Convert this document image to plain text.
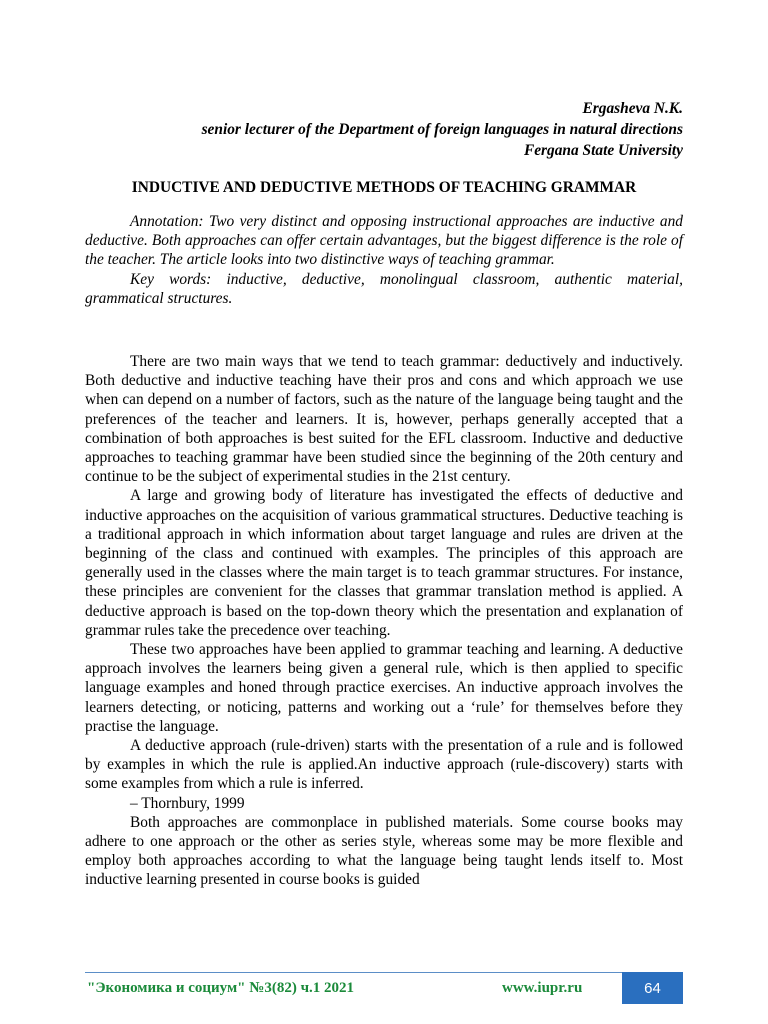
Ergasheva N.K.
senior lecturer of the Department of foreign languages in natural directions
Fergana State University
INDUCTIVE AND DEDUCTIVE METHODS OF TEACHING GRAMMAR

Annotation: Two very distinct and opposing instructional approaches are inductive and deductive. Both approaches can offer certain advantages, but the biggest difference is the role of the teacher. The article looks into two distinctive ways of teaching grammar.

Key words: inductive, deductive, monolingual classroom, authentic material, grammatical structures.

There are two main ways that we tend to teach grammar: deductively and inductively. Both deductive and inductive teaching have their pros and cons and which approach we use when can depend on a number of factors, such as the nature of the language being taught and the preferences of the teacher and learners. It is, however, perhaps generally accepted that a combination of both approaches is best suited for the EFL classroom. Inductive and deductive approaches to teaching grammar have been studied since the beginning of the 20th century and continue to be the subject of experimental studies in the 21st century.

A large and growing body of literature has investigated the effects of deductive and inductive approaches on the acquisition of various grammatical structures. Deductive teaching is a traditional approach in which information about target language and rules are driven at the beginning of the class and continued with examples. The principles of this approach are generally used in the classes where the main target is to teach grammar structures. For instance, these principles are convenient for the classes that grammar translation method is applied. A deductive approach is based on the top-down theory which the presentation and explanation of grammar rules take the precedence over teaching.

These two approaches have been applied to grammar teaching and learning. A deductive approach involves the learners being given a general rule, which is then applied to specific language examples and honed through practice exercises. An inductive approach involves the learners detecting, or noticing, patterns and working out a ‘rule’ for themselves before they practise the language.

A deductive approach (rule-driven) starts with the presentation of a rule and is followed by examples in which the rule is applied.An inductive approach (rule-discovery) starts with some examples from which a rule is inferred.

– Thornbury, 1999

Both approaches are commonplace in published materials. Some course books may adhere to one approach or the other as series style, whereas some may be more flexible and employ both approaches according to what the language being taught lends itself to. Most inductive learning presented in course books is guided

"Экономика и социум" №3(82) ч.1 2021	www.iupr.ru	64
